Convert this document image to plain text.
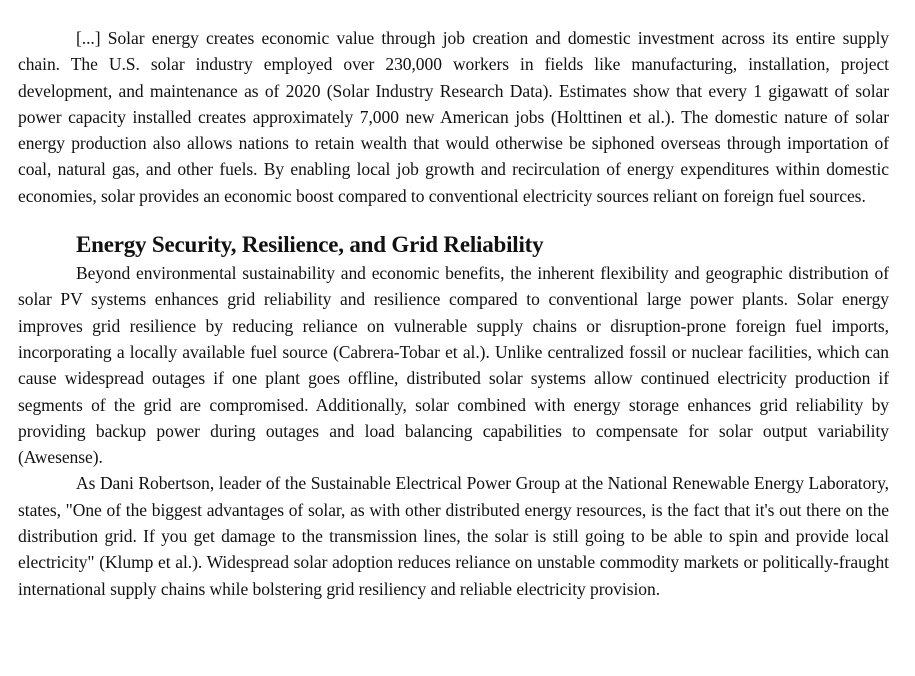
[...] Solar energy creates economic value through job creation and domestic investment across its entire supply chain. The U.S. solar industry employed over 230,000 workers in fields like manufacturing, installation, project development, and maintenance as of 2020 (Solar Industry Research Data). Estimates show that every 1 gigawatt of solar power capacity installed creates approximately 7,000 new American jobs (Holttinen et al.). The domestic nature of solar energy production also allows nations to retain wealth that would otherwise be siphoned overseas through importation of coal, natural gas, and other fuels. By enabling local job growth and recirculation of energy expenditures within domestic economies, solar provides an economic boost compared to conventional electricity sources reliant on foreign fuel sources.

Energy Security, Resilience, and Grid Reliability

Beyond environmental sustainability and economic benefits, the inherent flexibility and geographic distribution of solar PV systems enhances grid reliability and resilience compared to conventional large power plants. Solar energy improves grid resilience by reducing reliance on vulnerable supply chains or disruption-prone foreign fuel imports, incorporating a locally available fuel source (Cabrera-Tobar et al.). Unlike centralized fossil or nuclear facilities, which can cause widespread outages if one plant goes offline, distributed solar systems allow continued electricity production if segments of the grid are compromised. Additionally, solar combined with energy storage enhances grid reliability by providing backup power during outages and load balancing capabilities to compensate for solar output variability (Awesense).

As Dani Robertson, leader of the Sustainable Electrical Power Group at the National Renewable Energy Laboratory, states, "One of the biggest advantages of solar, as with other distributed energy resources, is the fact that it's out there on the distribution grid. If you get damage to the transmission lines, the solar is still going to be able to spin and provide local electricity" (Klump et al.). Widespread solar adoption reduces reliance on unstable commodity markets or politically-fraught international supply chains while bolstering grid resiliency and reliable electricity provision.
